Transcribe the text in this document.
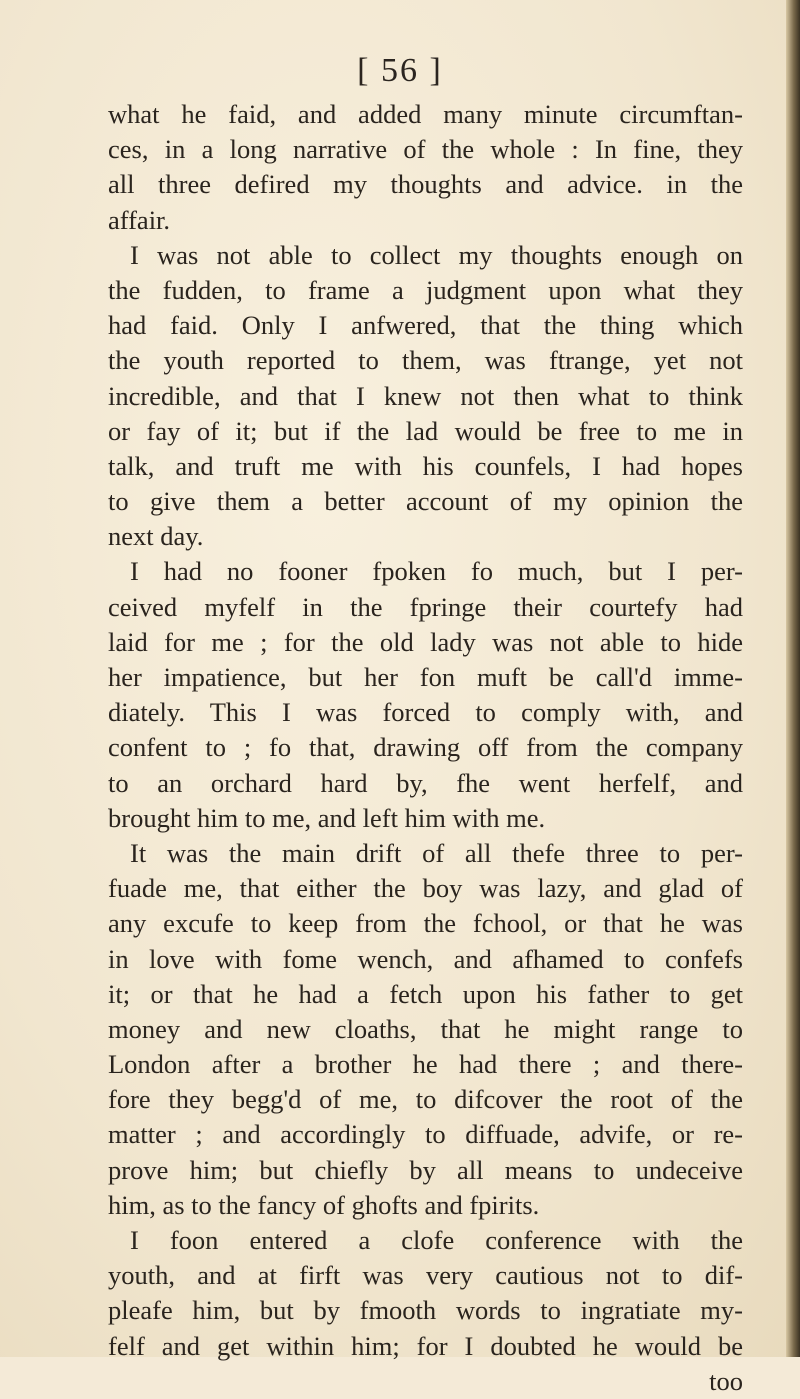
[ 56 ]
what he faid, and added many minute circumftan-
ces, in a long narrative of the whole : In fine, they
all three defired my thoughts and advice. in the
affair.
I was not able to collect my thoughts enough on
the fudden, to frame a judgment upon what they
had faid. Only I anfwered, that the thing which
the youth reported to them, was ftrange, yet not
incredible, and that I knew not then what to think
or fay of it; but if the lad would be free to me in
talk, and truft me with his counfels, I had hopes
to give them a better account of my opinion the
next day.
I had no fooner fpoken fo much, but I per-
ceived myfelf in the fpringe their courtefy had
laid for me ; for the old lady was not able to hide
her impatience, but her fon muft be call'd imme-
diately. This I was forced to comply with, and
confent to ; fo that, drawing off from the company
to an orchard hard by, fhe went herfelf, and
brought him to me, and left him with me.
It was the main drift of all thefe three to per-
fuade me, that either the boy was lazy, and glad of
any excufe to keep from the fchool, or that he was
in love with fome wench, and afhamed to confefs
it; or that he had a fetch upon his father to get
money and new cloaths, that he might range to
London after a brother he had there ; and there-
fore they begg'd of me, to difcover the root of the
matter ; and accordingly to diffuade, advife, or re-
prove him; but chiefly by all means to undeceive
him, as to the fancy of ghofts and fpirits.
I foon entered a clofe conference with the
youth, and at firft was very cautious not to dif-
pleafe him, but by fmooth words to ingratiate my-
felf and get within him; for I doubted he would be
too
